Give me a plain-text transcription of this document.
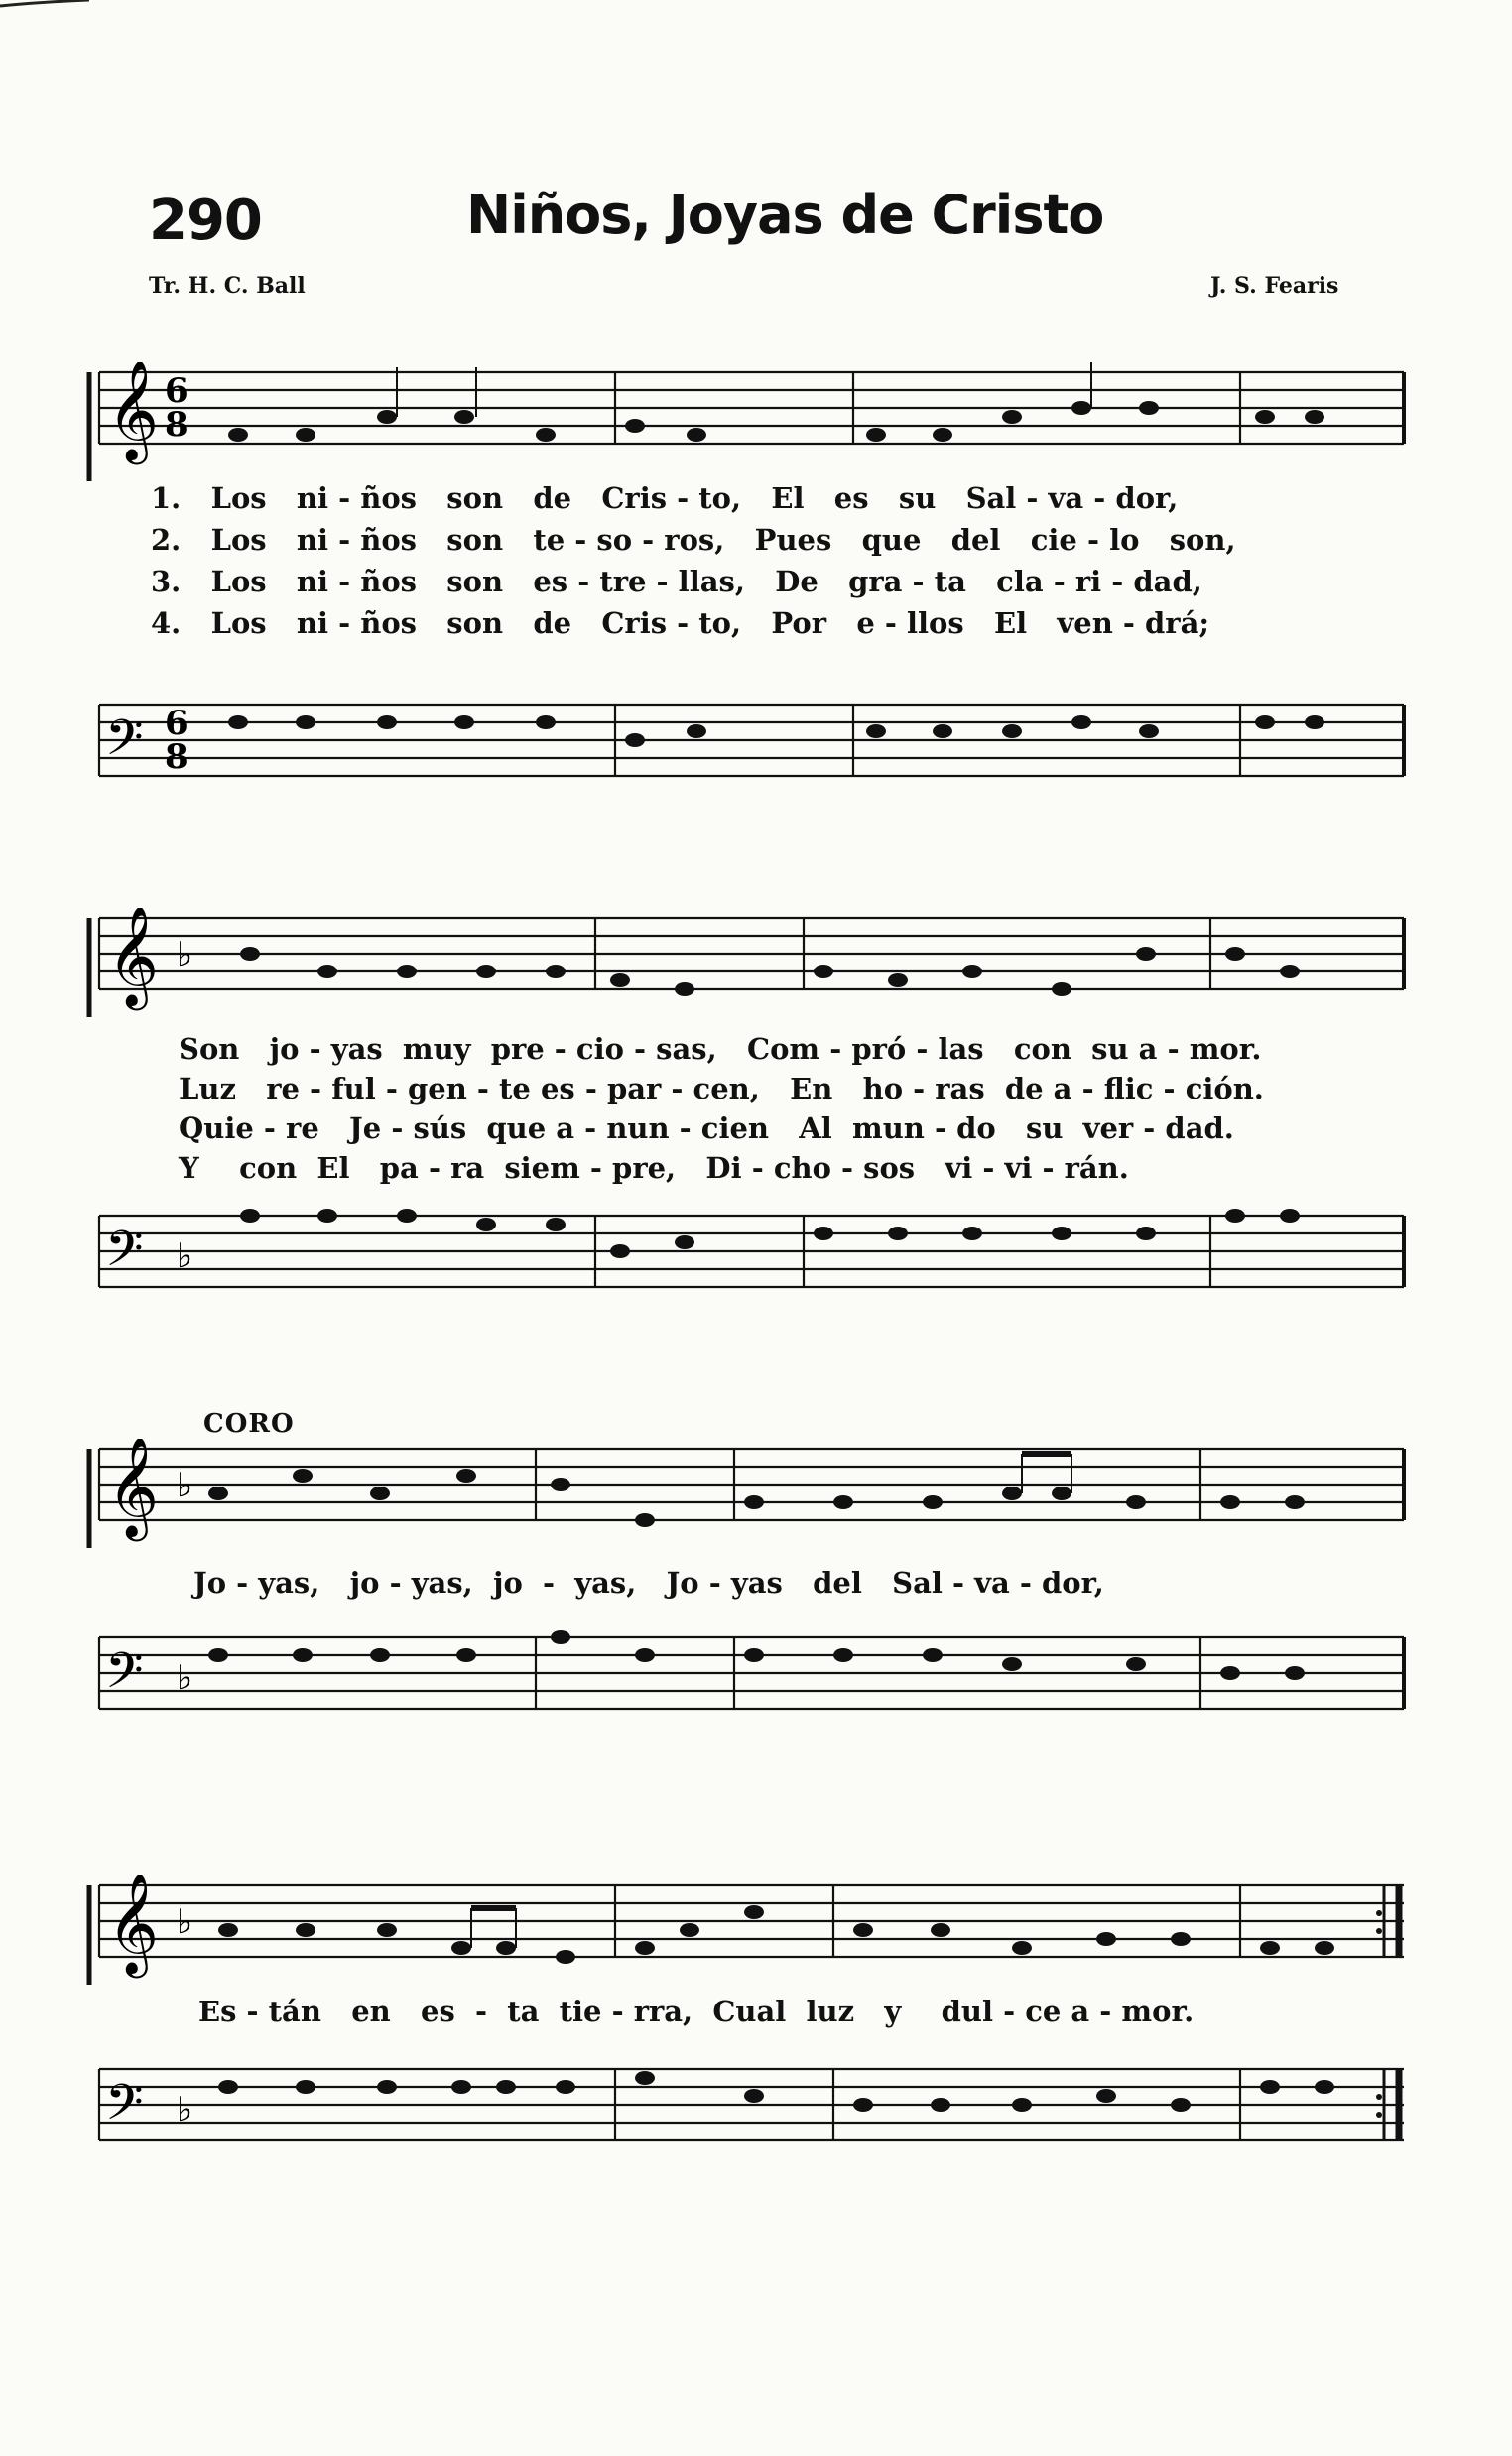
290	Niños, Joyas de Cristo
Tr. H. C. Ball	J. S. Fearis
𝄞 6
8
1.   Los   ni - ños   son   de   Cris - to,   El   es   su   Sal - va - dor,
2.   Los   ni - ños   son   te - so - ros,   Pues   que   del   cie - lo   son,
3.   Los   ni - ños   son   es - tre - llas,   De   gra - ta   cla - ri - dad,
4.   Los   ni - ños   son   de   Cris - to,   Por   e - llos   El   ven - drá;
𝄢 6
8
𝄞 ♭
Son   jo - yas  muy  pre - cio - sas,   Com - pró - las   con  su a - mor.
Luz   re - ful - gen - te es - par - cen,   En   ho - ras  de a - flic - ción.
Quie - re   Je - sús  que a - nun - cien   Al  mun - do   su  ver - dad.
Y    con  El   pa - ra  siem - pre,   Di - cho - sos   vi - vi - rán.
𝄢 ♭
CORO
𝄞 ♭
Jo - yas,   jo - yas,  jo  -  yas,   Jo - yas   del   Sal - va - dor,
𝄢 ♭
𝄞 ♭
Es - tán   en   es  -  ta  tie - rra,  Cual  luz   y    dul - ce a - mor.
𝄢 ♭
